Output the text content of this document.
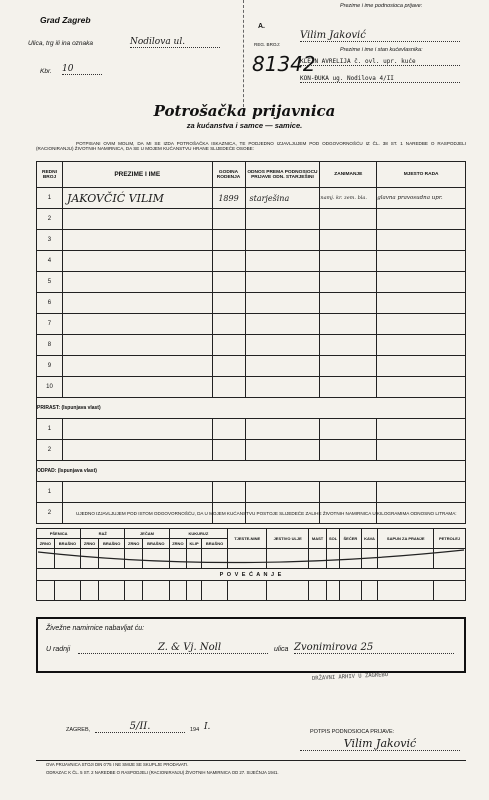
Grad Zagreb
Ulica, trg ili ina oznaka	Nodilova ul.
Kbr. 10
A.
REG. BROJ:
81342
Prezime i ime podnosioca prijave:
Vilim Jaković
Prezime i ime i stan kućevlasnika:
KLEIN AVRELIJA č. ovl. upr. kuće
KON-ĐUKA ug. Nodilova 4/II
Potrošačka prijavnica
za kućanstva i samce — samice.
POTPISANI OVIM MOLIM, DA MI SE IZDA POTROŠAČKA ISKAZNICA, TE PODJEDNO IZJAVLJUJEM POD ODGOVORNOŠĆU IZ ČL. 38 ST. 1 NAREDBE O RASPODJELI (RACIONIRANJU) ŽIVOTNIH NAMIRNICA, DA SE U MOJEM KUĆANSTVU HRANE SLIJEDEĆE OSOBE:
REDNI BROJ	PREZIME I IME	GODINA RODENJA	ODNOS PREMA PODNOSIOCU PRIJAVE ODN. STARJEŠINI	ZANIMANJE	MJESTO RADA
1	JAKOVČIĆ VILIM	1899	starješina	namj. kr. zem. bla.	glavna pravosudna upr.
2					
3					
4					
5					
6					
7					
8					
9					
10					
PRIRAST: (Ispunjava vlast)					
1					
2					
ODPAD: (Ispunjava vlast)					
1					
2						UJEDNO IZJAVLJUJEM POD ISTOM ODGOVORNOŠĆU, DA U MOJEM KUĆANSTVU POSTOJE SLIJEDEĆE ZALIHE ŽIVOTNIH NAMIRNICA U KILOGRAMIMA ODNOSNO LITRAMA:
PŠENICA		RAŽ		JEČAM		KUKURUZ			TJESTE-NINE	JESTIVO ULJE	MAST	SOL	ŠEĆER	KAVA	SAPUN ZA PRANJE	PETROLEJ
ZRNO	BRAŠNO	ZRNO	BRAŠNO	ZRNO	BRAŠNO	ZRNO	KLIP	BRAŠNO								

P O V E Ć A N J E																

Živežne namirnice nabavljat ću:
U radnji	Z. & Vj. Noll	ulica Zvonimirova 25
DRŽAVNI ARHIV U ZAGREBU
ZAGREB,	5/II.	194 I.	POTPIS PODNOSIOCA PRIJAVE:
Vilim Jaković
OVA PRIJAVNICA STOJI DIN 0'75 I NE SMIJE SE SKUPLJE PRODAVATI.
ODRAZAC K ČL. 5 ST. 2 NAREDBE O RASPODJELI (RACIONIRANJU) ŽIVOTNIH NAMIRNICA OD 27. SIJEČNJA 1941.
